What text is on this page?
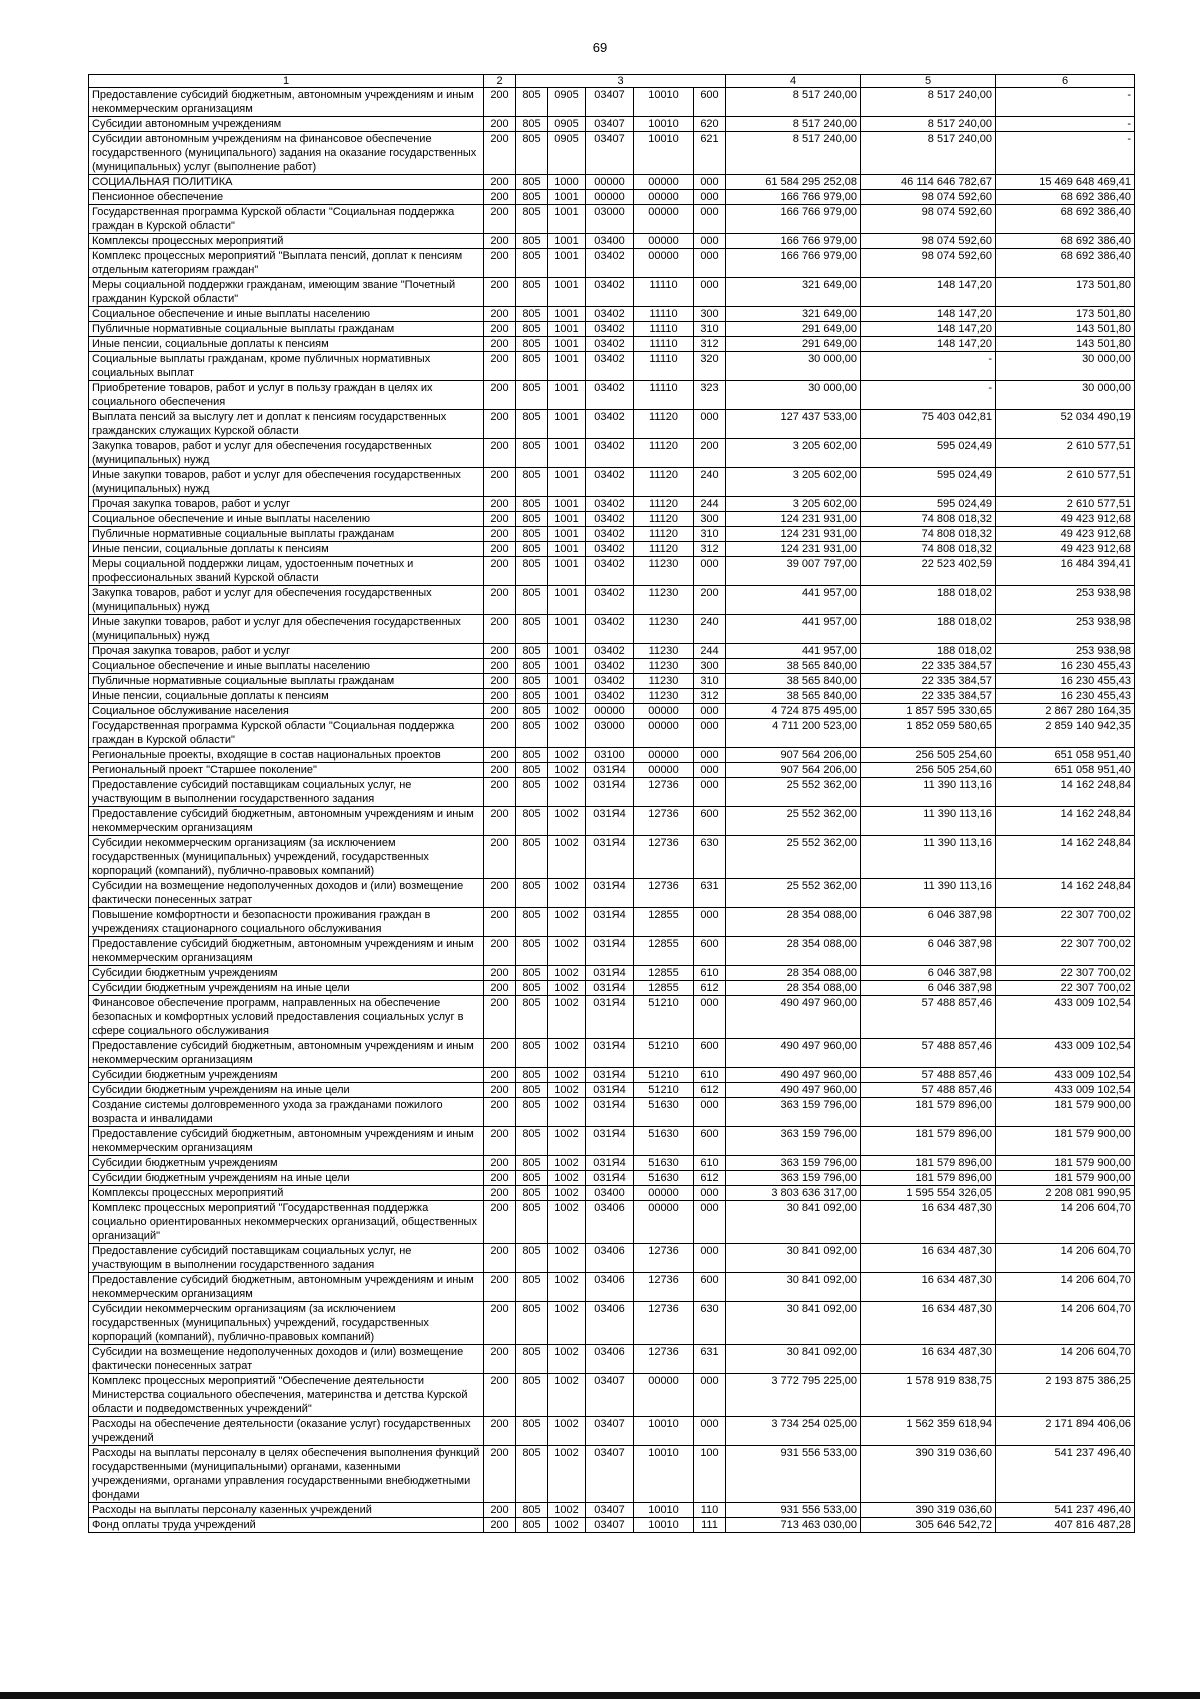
69
1	2	3					4	5	6
Предоставление субсидий бюджетным, автономным учреждениям и иным некоммерческим организациям	200	805	0905	03407	10010	600	8 517 240,00	8 517 240,00	-
Субсидии автономным учреждениям	200	805	0905	03407	10010	620	8 517 240,00	8 517 240,00	-
Субсидии автономным учреждениям на финансовое обеспечение государственного (муниципального) задания на оказание государственных (муниципальных) услуг (выполнение работ)	200	805	0905	03407	10010	621	8 517 240,00	8 517 240,00	-
СОЦИАЛЬНАЯ ПОЛИТИКА	200	805	1000	00000	00000	000	61 584 295 252,08	46 114 646 782,67	15 469 648 469,41
Пенсионное обеспечение	200	805	1001	00000	00000	000	166 766 979,00	98 074 592,60	68 692 386,40
Государственная программа Курской области "Социальная поддержка граждан в Курской области"	200	805	1001	03000	00000	000	166 766 979,00	98 074 592,60	68 692 386,40
Комплексы процессных мероприятий	200	805	1001	03400	00000	000	166 766 979,00	98 074 592,60	68 692 386,40
Комплекс процессных мероприятий "Выплата пенсий, доплат к пенсиям отдельным категориям граждан"	200	805	1001	03402	00000	000	166 766 979,00	98 074 592,60	68 692 386,40
Меры социальной поддержки гражданам, имеющим звание "Почетный гражданин Курской области"	200	805	1001	03402	11110	000	321 649,00	148 147,20	173 501,80
Социальное обеспечение и иные выплаты населению	200	805	1001	03402	11110	300	321 649,00	148 147,20	173 501,80
Публичные нормативные социальные выплаты гражданам	200	805	1001	03402	11110	310	291 649,00	148 147,20	143 501,80
Иные пенсии, социальные доплаты к пенсиям	200	805	1001	03402	11110	312	291 649,00	148 147,20	143 501,80
Социальные выплаты гражданам, кроме публичных нормативных социальных выплат	200	805	1001	03402	11110	320	30 000,00	-	30 000,00
Приобретение товаров, работ и услуг в пользу граждан в целях их социального обеспечения	200	805	1001	03402	11110	323	30 000,00	-	30 000,00
Выплата пенсий за выслугу лет и доплат к пенсиям государственных гражданских служащих Курской области	200	805	1001	03402	11120	000	127 437 533,00	75 403 042,81	52 034 490,19
Закупка товаров, работ и услуг для обеспечения государственных (муниципальных) нужд	200	805	1001	03402	11120	200	3 205 602,00	595 024,49	2 610 577,51
Иные закупки товаров, работ и услуг для обеспечения государственных (муниципальных) нужд	200	805	1001	03402	11120	240	3 205 602,00	595 024,49	2 610 577,51
Прочая закупка товаров, работ и услуг	200	805	1001	03402	11120	244	3 205 602,00	595 024,49	2 610 577,51
Социальное обеспечение и иные выплаты населению	200	805	1001	03402	11120	300	124 231 931,00	74 808 018,32	49 423 912,68
Публичные нормативные социальные выплаты гражданам	200	805	1001	03402	11120	310	124 231 931,00	74 808 018,32	49 423 912,68
Иные пенсии, социальные доплаты к пенсиям	200	805	1001	03402	11120	312	124 231 931,00	74 808 018,32	49 423 912,68
Меры социальной поддержки лицам, удостоенным почетных и профессиональных званий Курской области	200	805	1001	03402	11230	000	39 007 797,00	22 523 402,59	16 484 394,41
Закупка товаров, работ и услуг для обеспечения государственных (муниципальных) нужд	200	805	1001	03402	11230	200	441 957,00	188 018,02	253 938,98
Иные закупки товаров, работ и услуг для обеспечения государственных (муниципальных) нужд	200	805	1001	03402	11230	240	441 957,00	188 018,02	253 938,98
Прочая закупка товаров, работ и услуг	200	805	1001	03402	11230	244	441 957,00	188 018,02	253 938,98
Социальное обеспечение и иные выплаты населению	200	805	1001	03402	11230	300	38 565 840,00	22 335 384,57	16 230 455,43
Публичные нормативные социальные выплаты гражданам	200	805	1001	03402	11230	310	38 565 840,00	22 335 384,57	16 230 455,43
Иные пенсии, социальные доплаты к пенсиям	200	805	1001	03402	11230	312	38 565 840,00	22 335 384,57	16 230 455,43
Социальное обслуживание населения	200	805	1002	00000	00000	000	4 724 875 495,00	1 857 595 330,65	2 867 280 164,35
Государственная программа Курской области "Социальная поддержка граждан в Курской области"	200	805	1002	03000	00000	000	4 711 200 523,00	1 852 059 580,65	2 859 140 942,35
Региональные проекты, входящие в состав национальных проектов	200	805	1002	03100	00000	000	907 564 206,00	256 505 254,60	651 058 951,40
Региональный проект "Старшее поколение"	200	805	1002	031Я4	00000	000	907 564 206,00	256 505 254,60	651 058 951,40
Предоставление субсидий поставщикам социальных услуг, не участвующим в выполнении государственного задания	200	805	1002	031Я4	12736	000	25 552 362,00	11 390 113,16	14 162 248,84
Предоставление субсидий бюджетным, автономным учреждениям и иным некоммерческим организациям	200	805	1002	031Я4	12736	600	25 552 362,00	11 390 113,16	14 162 248,84
Субсидии некоммерческим организациям (за исключением государственных (муниципальных) учреждений, государственных корпораций (компаний), публично-правовых компаний)	200	805	1002	031Я4	12736	630	25 552 362,00	11 390 113,16	14 162 248,84
Субсидии на возмещение недополученных доходов и (или) возмещение фактически понесенных затрат	200	805	1002	031Я4	12736	631	25 552 362,00	11 390 113,16	14 162 248,84
Повышение комфортности и безопасности проживания граждан в учреждениях стационарного социального обслуживания	200	805	1002	031Я4	12855	000	28 354 088,00	6 046 387,98	22 307 700,02
Предоставление субсидий бюджетным, автономным учреждениям и иным некоммерческим организациям	200	805	1002	031Я4	12855	600	28 354 088,00	6 046 387,98	22 307 700,02
Субсидии бюджетным учреждениям	200	805	1002	031Я4	12855	610	28 354 088,00	6 046 387,98	22 307 700,02
Субсидии бюджетным учреждениям на иные цели	200	805	1002	031Я4	12855	612	28 354 088,00	6 046 387,98	22 307 700,02
Финансовое обеспечение программ, направленных на обеспечение безопасных и комфортных условий предоставления социальных услуг в сфере социального обслуживания	200	805	1002	031Я4	51210	000	490 497 960,00	57 488 857,46	433 009 102,54
Предоставление субсидий бюджетным, автономным учреждениям и иным некоммерческим организациям	200	805	1002	031Я4	51210	600	490 497 960,00	57 488 857,46	433 009 102,54
Субсидии бюджетным учреждениям	200	805	1002	031Я4	51210	610	490 497 960,00	57 488 857,46	433 009 102,54
Субсидии бюджетным учреждениям на иные цели	200	805	1002	031Я4	51210	612	490 497 960,00	57 488 857,46	433 009 102,54
Создание системы долговременного ухода за гражданами пожилого возраста и инвалидами	200	805	1002	031Я4	51630	000	363 159 796,00	181 579 896,00	181 579 900,00
Предоставление субсидий бюджетным, автономным учреждениям и иным некоммерческим организациям	200	805	1002	031Я4	51630	600	363 159 796,00	181 579 896,00	181 579 900,00
Субсидии бюджетным учреждениям	200	805	1002	031Я4	51630	610	363 159 796,00	181 579 896,00	181 579 900,00
Субсидии бюджетным учреждениям на иные цели	200	805	1002	031Я4	51630	612	363 159 796,00	181 579 896,00	181 579 900,00
Комплексы процессных мероприятий	200	805	1002	03400	00000	000	3 803 636 317,00	1 595 554 326,05	2 208 081 990,95
Комплекс процессных мероприятий "Государственная поддержка социально ориентированных некоммерческих организаций, общественных организаций"	200	805	1002	03406	00000	000	30 841 092,00	16 634 487,30	14 206 604,70
Предоставление субсидий поставщикам социальных услуг, не участвующим в выполнении государственного задания	200	805	1002	03406	12736	000	30 841 092,00	16 634 487,30	14 206 604,70
Предоставление субсидий бюджетным, автономным учреждениям и иным некоммерческим организациям	200	805	1002	03406	12736	600	30 841 092,00	16 634 487,30	14 206 604,70
Субсидии некоммерческим организациям (за исключением государственных (муниципальных) учреждений, государственных корпораций (компаний), публично-правовых компаний)	200	805	1002	03406	12736	630	30 841 092,00	16 634 487,30	14 206 604,70
Субсидии на возмещение недополученных доходов и (или) возмещение фактически понесенных затрат	200	805	1002	03406	12736	631	30 841 092,00	16 634 487,30	14 206 604,70
Комплекс процессных мероприятий "Обеспечение деятельности Министерства социального обеспечения, материнства и детства Курской области и подведомственных учреждений"	200	805	1002	03407	00000	000	3 772 795 225,00	1 578 919 838,75	2 193 875 386,25
Расходы на обеспечение деятельности (оказание услуг) государственных учреждений	200	805	1002	03407	10010	000	3 734 254 025,00	1 562 359 618,94	2 171 894 406,06
Расходы на выплаты персоналу в целях обеспечения выполнения функций государственными (муниципальными) органами, казенными учреждениями, органами управления государственными внебюджетными фондами	200	805	1002	03407	10010	100	931 556 533,00	390 319 036,60	541 237 496,40
Расходы на выплаты персоналу казенных учреждений	200	805	1002	03407	10010	110	931 556 533,00	390 319 036,60	541 237 496,40
Фонд оплаты труда учреждений	200	805	1002	03407	10010	111	713 463 030,00	305 646 542,72	407 816 487,28
